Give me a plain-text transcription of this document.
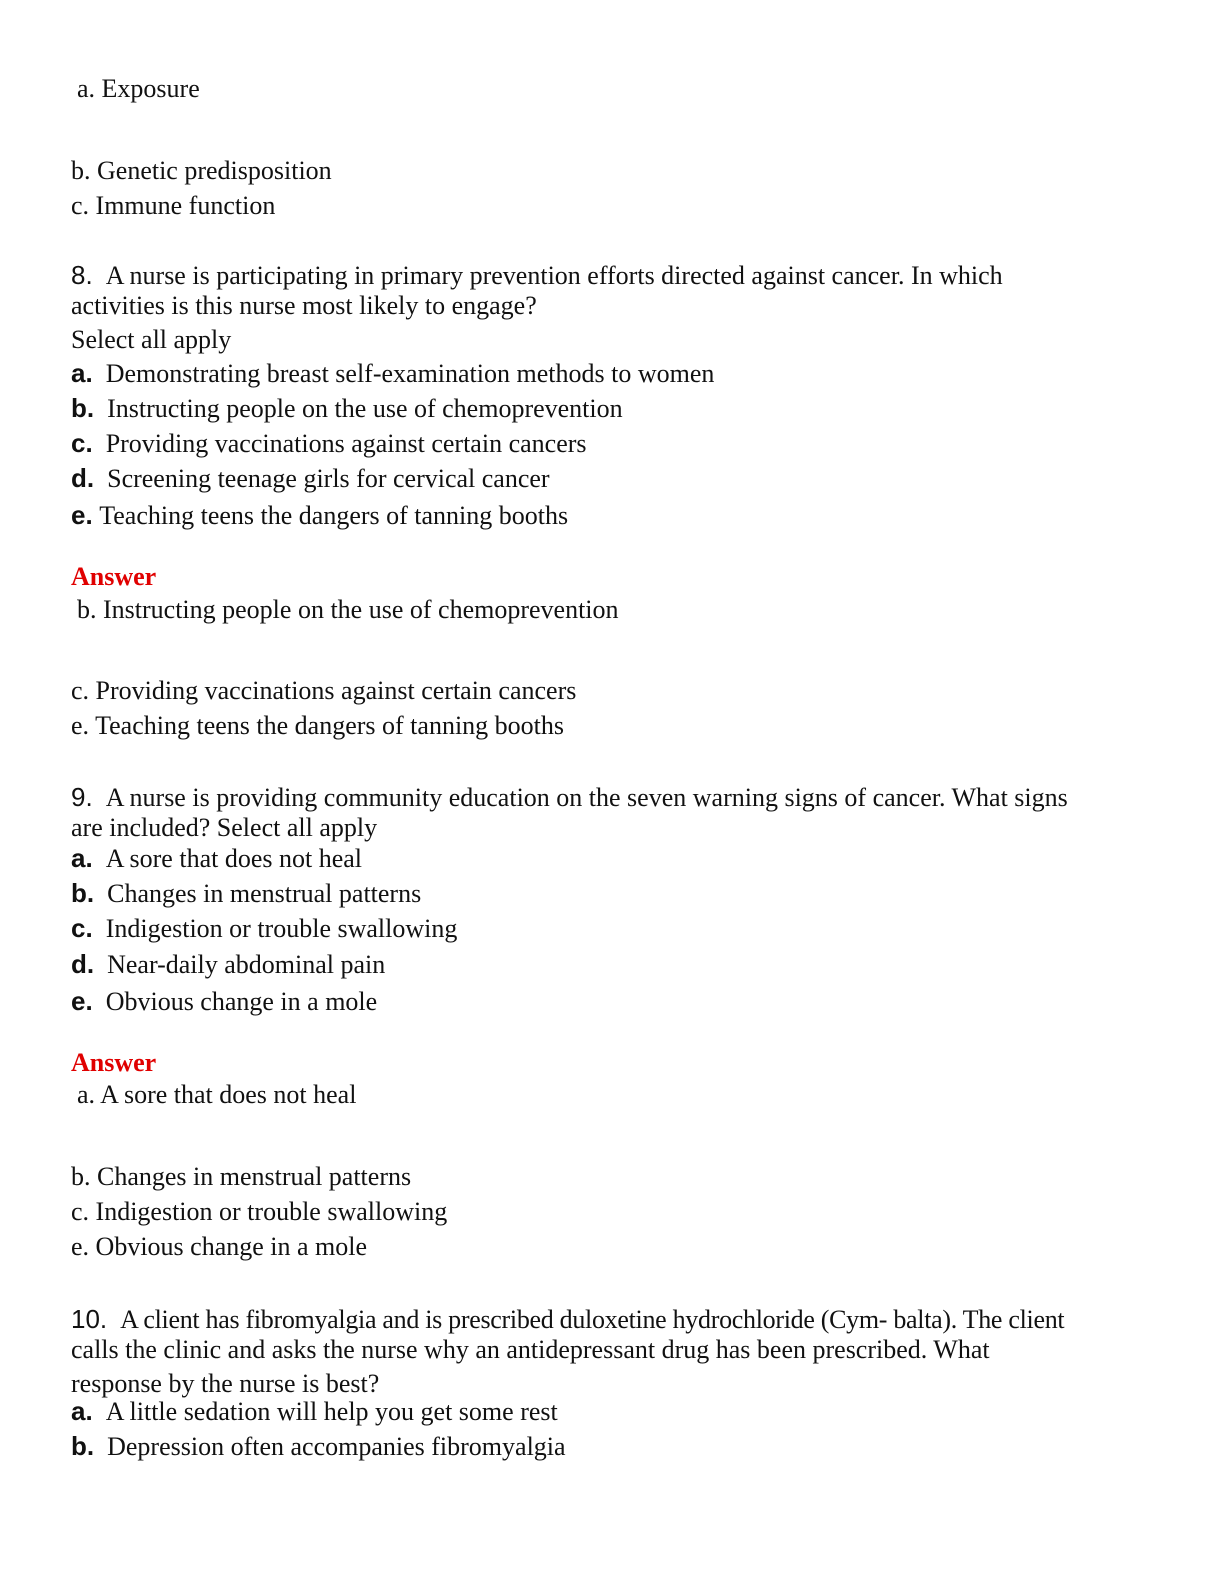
a. Exposure
b. Genetic predisposition
c. Immune function
8. A nurse is participating in primary prevention efforts directed against cancer. In which
activities is this nurse most likely to engage?
Select all apply
a. Demonstrating breast self-examination methods to women
b. Instructing people on the use of chemoprevention
c. Providing vaccinations against certain cancers
d. Screening teenage girls for cervical cancer
e. Teaching teens the dangers of tanning booths
Answer
b. Instructing people on the use of chemoprevention
c. Providing vaccinations against certain cancers
e. Teaching teens the dangers of tanning booths
9. A nurse is providing community education on the seven warning signs of cancer. What signs
are included? Select all apply
a. A sore that does not heal
b. Changes in menstrual patterns
c. Indigestion or trouble swallowing
d. Near-daily abdominal pain
e. Obvious change in a mole
Answer
a. A sore that does not heal
b. Changes in menstrual patterns
c. Indigestion or trouble swallowing
e. Obvious change in a mole
10. A client has fibromyalgia and is prescribed duloxetine hydrochloride (Cym- balta). The client
calls the clinic and asks the nurse why an antidepressant drug has been prescribed. What
response by the nurse is best?
a. A little sedation will help you get some rest
b. Depression often accompanies fibromyalgia
